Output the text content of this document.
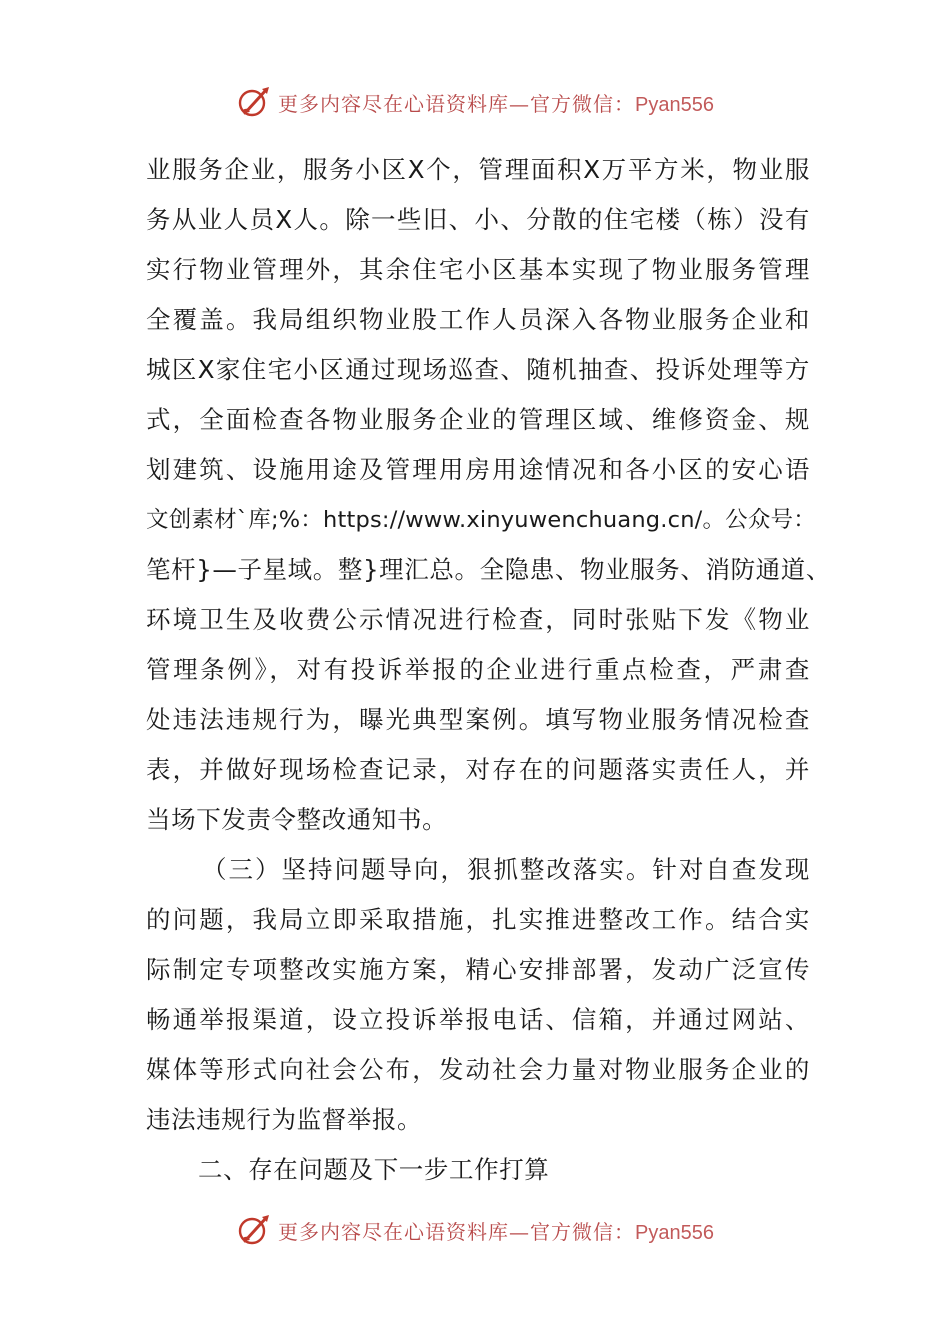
更多内容尽在心语资料库—官方微信：Pyan556
业服务企业，服务小区X个，管理面积X万平方米，物业服
务从业人员X人。除一些旧、小、分散的住宅楼（栋）没有
实行物业管理外，其余住宅小区基本实现了物业服务管理
全覆盖。我局组织物业股工作人员深入各物业服务企业和
城区X家住宅小区通过现场巡查、随机抽查、投诉处理等方
式，全面检查各物业服务企业的管理区域、维修资金、规
划建筑、设施用途及管理用房用途情况和各小区的安心语
文创素材`库;%：https://www.xinyuwenchuang.cn/。公众号：
笔杆}—子星域。整}理汇总。全隐患、物业服务、消防通道、
环境卫生及收费公示情况进行检查，同时张贴下发《物业
管理条例》，对有投诉举报的企业进行重点检查，严肃查
处违法违规行为，曝光典型案例。填写物业服务情况检查
表，并做好现场检查记录，对存在的问题落实责任人，并
当场下发责令整改通知书。
（三）坚持问题导向，狠抓整改落实。针对自查发现
的问题，我局立即采取措施，扎实推进整改工作。结合实
际制定专项整改实施方案，精心安排部署，发动广泛宣传
畅通举报渠道，设立投诉举报电话、信箱，并通过网站、
媒体等形式向社会公布，发动社会力量对物业服务企业的
违法违规行为监督举报。
二、存在问题及下一步工作打算
更多内容尽在心语资料库—官方微信：Pyan556
